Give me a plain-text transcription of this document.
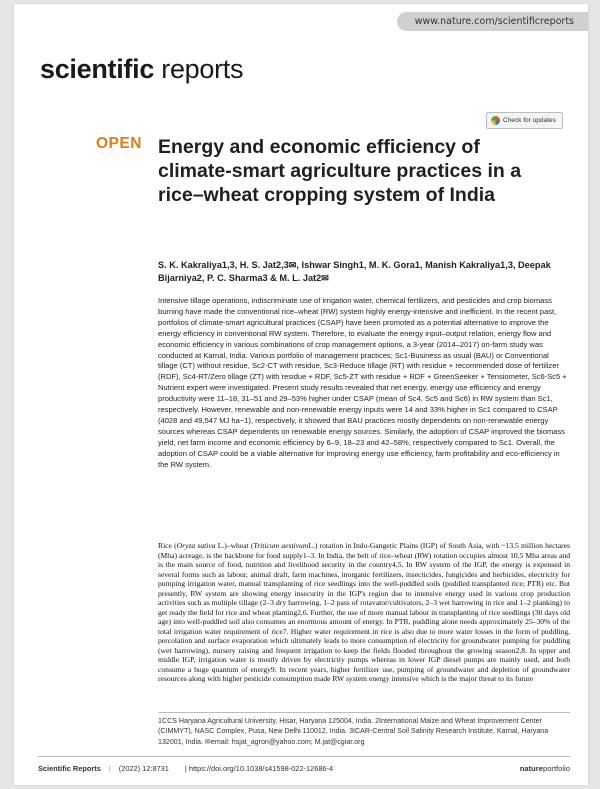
www.nature.com/scientificreports
scientific reports
Check for updates
OPEN Energy and economic efficiency of climate-smart agriculture practices in a rice–wheat cropping system of India
S. K. Kakraliya1,3, H. S. Jat2,3✉, Ishwar Singh1, M. K. Gora1, Manish Kakraliya1,3, Deepak Bijarniya2, P. C. Sharma3 & M. L. Jat2✉

Intensive tillage operations, indiscriminate use of irrigation water, chemical fertilizers, and pesticides and crop biomass burning have made the conventional rice–wheat (RW) system highly energy-intensive and inefficient. In the recent past, portfolios of climate-smart agricultural practices (CSAP) have been promoted as a potential alternative to improve the energy efficiency in conventional RW system. Therefore, to evaluate the energy input–output relation, energy flow and economic efficiency in various combinations of crop management options, a 3-year (2014–2017) on-farm study was conducted at Karnal, India. Various portfolio of management practices; Sc1-Business as usual (BAU) or Conventional tillage (CT) without residue, Sc2-CT with residue, Sc3-Reduce tillage (RT) with residue + recommended dose of fertilizer (RDF), Sc4-RT/Zero tillage (ZT) with residue + RDF, Sc5-ZT with residue + RDF + GreenSeeker + Tensiometer, Sc6-Sc5 + Nutrient expert were investigated. Present study results revealed that net energy, energy use efficiency and energy productivity were 11–18, 31–51 and 29–53% higher under CSAP (mean of Sc4, Sc5 and Sc6) in RW system than Sc1, respectively. However, renewable and non-renewable energy inputs were 14 and 33% higher in Sc1 compared to CSAP (4028 and 49,547 MJ ha−1), respectively, it showed that BAU practices mostly dependents on non-renewable energy sources whereas CSAP dependents on renewable energy sources. Similarly, the adoption of CSAP improved the biomass yield, net farm income and economic efficiency by 6–9, 18–23 and 42–58%, respectively compared to Sc1. Overall, the adoption of CSAP could be a viable alternative for improving energy use efficiency, farm profitability and eco-efficiency in the RW system.

Rice (Oryza sativa L.)–wheat (Triticum aestivumL.) rotation in Indo-Gangetic Plains (IGP) of South Asia, with ~13.5 million hectares (Mha) acreage, is the backbone for food supply1–3. In India, the belt of rice–wheat (RW) rotation occupies almost 10.5 Mha areas and is the main source of food, nutrition and livelihood security in the country4,5. In RW system of the IGP, the energy is expensed in several forms such as labour, animal draft, farm machines, inorganic fertilizers, insecticides, fungicides and herbicides, electricity for pumping irrigation water, manual transplanting of rice seedlings into the well-puddled soils (puddled transplanted rice; PTR) etc. But presently, RW system are showing energy insecurity in the IGP's region due to intensive energy used in various crop production activities such as multiple tillage (2–3 dry harrowing, 1–2 pass of rotavator/cultivators, 2–3 wet harrowing in rice and 1–2 planking) to get ready the field for rice and wheat planting2,6. Further, the use of more manual labour in transplanting of rice seedlings (30 days old age) into well-puddled soil also consumes an enormous amount of energy. In PTR, puddling alone needs approximately 25–30% of the total irrigation water requirement of rice7. Higher water requirement in rice is also due to more water losses in the form of puddling, percolation and surface evaporation which ultimately leads to more consumption of electricity for groundwater pumping for puddling (wet harrowing), nursery raising and frequent irrigation to keep the fields flooded throughout the growing season2,8. In upper and middle IGP, irrigation water is mostly driven by electricity pumps whereas in lower IGP diesel pumps are mainly used, and both consume a huge quantum of energy9. In recent years, higher fertilizer use, pumping of groundwater and depletion of groundwater resources along with higher pesticide consumption made RW system energy intensive which is the major threat to its future

1CCS Haryana Agricultural University, Hisar, Haryana 125004, India. 2International Maize and Wheat Improvement Center (CIMMYT), NASC Complex, Pusa, New Delhi 110012, India. 3ICAR-Central Soil Salinity Research Institute, Karnal, Haryana 132001, India. ✉email: hsjat_agron@yahoo.com; M.jat@cgiar.org
Scientific Reports | (2022) 12:8731 | https://doi.org/10.1038/s41598-022-12686-4	natureportfolio
